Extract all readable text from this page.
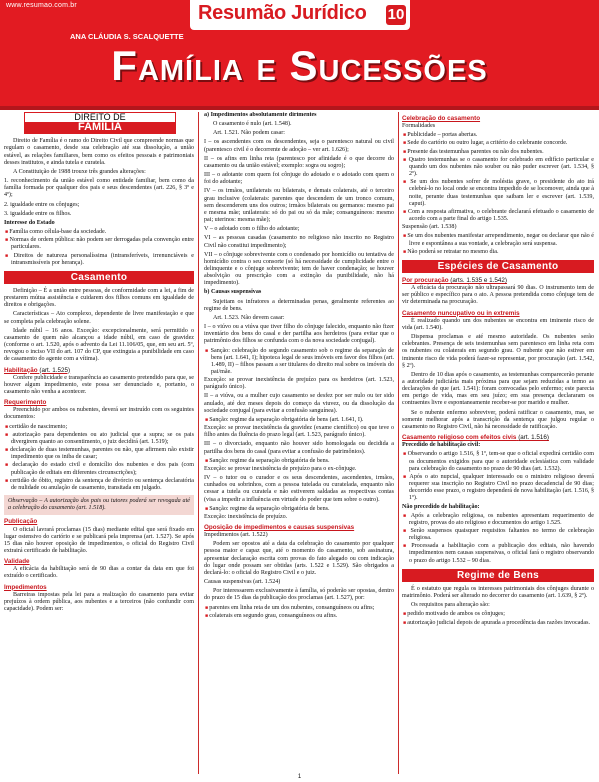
www.resumao.com.br	Resumão Jurídico 10
ANA CLÁUDIA S. SCALQUETTE
Família e Sucessões
DIREITO DE
FAMÍLIA

Direito de Família é o ramo do Direito Civil que compreende normas que regulam o casamento, desde sua celebração até sua dissolução, a união estável, as relações familiares, bem como os efeitos pessoais e patrimoniais desses institutos, e ainda tutela e curatela.

A Constituição de 1988 trouxe três grandes alterações:

1. reconhecimento da união estável como entidade familiar, bem como da família formada por qualquer dos pais e seus descendentes (art. 226, § 3º e 4º);

2. igualdade entre os cônjuges;

3. igualdade entre os filhos.

Interesse do Estado

■ Família como célula-base da sociedade.
■ Normas de ordem pública: não podem ser derrogadas pela convenção entre particulares.
■ Direitos de natureza personalíssima (intransferíveis, irrenunciáveis e intransmissíveis por herança).
Casamento

Definição – É a união entre pessoas, de conformidade com a lei, a fim de prestarem mútua assistência e cuidarem dos filhos comuns em igualdade de direitos e obrigações.

Características – Ato complexo, dependente de livre manifestação e que se completa pela celebração solene.

Idade núbil – 16 anos. Exceção: excepcionalmente, será permitido o casamento de quem não alcançou a idade núbil, em caso de gravidez (conforme o art. 1.520, após o advento da Lei 11.106/05, que, em seu art. 5º, revogou o inciso VII do art. 107 do CP, que extinguia a punibilidade em caso de casamento do agente com a vítima).

Habilitação (art. 1.525)

Confere publicidade e transparência ao casamento pretendido para que, se houver algum impedimento, este possa ser denunciado e, portanto, o casamento não venha a acontecer.

Requerimento

Preenchido por ambos os nubentes, deverá ser instruído com os seguintes documentos:

■ certidão de nascimento;
■ autorização para dependentes ou ato judicial que a supra; se os pais divergirem quanto ao consentimento, o juiz decidirá (art. 1.519);
■ declaração de duas testemunhas, parentes ou não, que afirmem não existir impedimento que os iniba de casar;
■ declaração do estado civil e domicílio dos nubentes e dos pais (com publicação de editais em diferentes circunscrições);
■ certidão de óbito, registro da sentença de divórcio ou sentença declaratória de nulidade ou anulação de casamento, transitada em julgado.
Observação – A autorização dos pais ou tutores poderá ser revogada até a celebração do casamento (art. 1.518).
Publicação

O oficial lavrará proclamas (15 dias) mediante edital que será fixado em lugar ostensivo do cartório e se publicará pela imprensa (art. 1.527). Se após 15 dias não houver oposição de impedimentos, o oficial do Registro Civil extrairá certificado de habilitação.

Validade

A eficácia da habilitação será de 90 dias a contar da data em que foi extraído o certificado.

Impedimentos

Barreiras impostas pela lei para a realização do casamento para evitar prejuízos à ordem pública, aos nubentes e a terceiros (não confundir com capacidade). Podem ser:

a) Impedimentos absolutamente dirimentes

O casamento é nulo (art. 1.548).

Art. 1.521. Não podem casar:

I – os ascendentes com os descendentes, seja o parentesco natural ou civil (parentesco civil é o decorrente de adoção – ver art. 1.626);

II – os afins em linha reta (parentesco por afinidade é o que decorre do casamento ou da união estável; exemplo: sogra ou sogro);

III – o adotante com quem foi cônjuge do adotado e o adotado com quem o foi do adotante;

IV – os irmãos, unilaterais ou bilaterais, e demais colaterais, até o terceiro grau inclusive (colaterais: parentes que descendem de um tronco comum, sem descenderem uns dos outros; irmãos bilaterais ou germanos: mesmo pai e mesma mãe; unilaterais: só do pai ou só da mãe; consanguíneos: mesmo pai; uterinos: mesma mãe);

V – o adotado com o filho do adotante;

VI – as pessoas casadas (casamento no religioso não inscrito no Registro Civil não constitui impedimento);

VII – o cônjuge sobrevivente com o condenado por homicídio ou tentativa de homicídio contra o seu consorte (só há necessidade de cumplicidade entre o delinquente e o cônjuge sobrevivente; tem de haver condenação; se houver absolvição ou prescrição com a extinção da punibilidade, não há impedimento).

b) Causas suspensivas

Sujeitam os infratores a determinadas penas, geralmente referentes ao regime de bens.

Art. 1.523. Não devem casar:

I – o viúvo ou a viúva que tiver filho do cônjuge falecido, enquanto não fizer inventário dos bens do casal e der partilha aos herdeiros (para evitar que o patrimônio dos filhos se confunda com o da nova sociedade conjugal).

■ Sanção: celebração do segundo casamento sob o regime da separação de bens (art. 1.641, I); hipoteca legal de seus imóveis em favor dos filhos (art. 1.489, II) – filhos passam a ser titulares do direito real sobre os imóveis do pai/mãe.

Exceção: se provar inexistência de prejuízo para os herdeiros (art. 1.523, parágrafo único).

II – a viúva, ou a mulher cujo casamento se desfez por ser nulo ou ter sido anulado, até dez meses depois do começo da viuvez, ou da dissolução da sociedade conjugal (para evitar a confusão sanguínea).

■ Sanção: regime da separação obrigatória de bens (art. 1.641, I).

Exceção: se provar inexistência da gravidez (exame científico) ou que teve o filho antes da fluência do prazo legal (art. 1.523, parágrafo único).

III – o divorciado, enquanto não houver sido homologada ou decidida a partilha dos bens do casal (para evitar a confusão de patrimônios).

■ Sanção: regime da separação obrigatória de bens.

Exceção: se provar inexistência de prejuízo para o ex-cônjuge.

IV – o tutor ou o curador e os seus descendentes, ascendentes, irmãos, cunhados ou sobrinhos, com a pessoa tutelada ou curatelada, enquanto não cessar a tutela ou curatela e não estiverem saldadas as respectivas contas (visa a impedir a influência em virtude do poder que tem sobre o outro).

■ Sanção: regime da separação obrigatória de bens.

Exceção: inexistência de prejuízo.

Oposição de impedimentos e causas suspensivas

Impedimentos (art. 1.522)

Podem ser opostos até a data da celebração do casamento por qualquer pessoa maior e capaz que, até o momento do casamento, sob assinatura, apresentar declaração escrita com provas do fato alegado ou com indicação do lugar onde possam ser obtidas (arts. 1.522 e 1.529). São obrigados a declará-lo: o oficial do Registro Civil e o juiz.

Causas suspensivas (art. 1.524)

Por interessarem exclusivamente à família, só poderão ser opostas, dentro do prazo de 15 dias da publicação dos proclamas (art. 1.527), por:

■ parentes em linha reta de um dos nubentes, consanguíneos ou afins;
■ colaterais em segundo grau, consanguíneos ou afins.
Celebração do casamento

Formalidades

■ Publicidade – portas abertas.
■ Sede do cartório ou outro lugar, a critério do celebrante concorde.
■ Presente das testemunhas parentes ou não dos nubentes.
■ Quatro testemunhas se o casamento for celebrado em edifício particular e quando um dos nubentes não souber ou não puder escrever (art. 1.534, § 2º).
■ Se um dos nubentes sofrer de moléstia grave, o presidente do ato irá celebrá-lo no local onde se encontra impedido de se locomover, ainda que à noite, perante duas testemunhas que saibam ler e escrever (art. 1.539, caput).
■ Com a resposta afirmativa, o celebrante declarará efetuado o casamento de acordo com a parte final do artigo 1.535.

Suspensão (art. 1.538)

■ Se um dos nubentes manifestar arrependimento, negar ou declarar que não é livre e espontânea a sua vontade, a celebração será suspensa.
■ Não poderá se retratar no mesmo dia.
Espécies de Casamento
Por procuração (arts. 1.535 e 1.542)

A eficácia da procuração não ultrapassará 90 dias. O instrumento tem de ser público e específico para o ato. A pessoa pretendida como cônjuge tem de vir determinada na procuração.

Casamento nuncupativo ou in extremis

É realizado quando um dos nubentes se encontra em iminente risco de vida (art. 1.540).

Dispensa proclamas e até mesmo autoridade. Os nubentes serão celebrantes. Presença de seis testemunhas sem parentesco em linha reta com os nubentes ou colaterais em segundo grau. O nubente que não estiver em iminente risco de vida poderá fazer-se representar, por procuração (art. 1.542, § 2º).

Dentro de 10 dias após o casamento, as testemunhas comparecerão perante a autoridade judiciária mais próxima para que sejam reduzidas a termo as declarações de que (art. 1.541): foram convocadas pelo enfermo; este parecia em perigo de vida, mas em seu juízo; em sua presença declararam os contraentes livre e espontaneamente receber-se por marido e mulher.

Se o nubente enfermo sobreviver, poderá ratificar o casamento, mas, se somente melhorar após a transcrição da sentença que julgou regular o casamento no Registro Civil, não há necessidade de ratificação.

Casamento religioso com efeitos civis (art. 1.516)

Precedido de habilitação civil:

■ Observando o artigo 1.516, § 1º, tem-se que o oficial expedirá certidão com os documentos exigidos para que o autoridade eclesiástica com validade para celebração do casamento no prazo de 90 dias (art. 1.532).
■ Após o ato nupcial, qualquer interessado ou o ministro religioso deverá requerer sua inscrição no Registro Civil no prazo decadencial de 90 dias; decorrido esse prazo, o registro dependerá de nova habilitação (art. 1.516, § 1º).

Não precedido de habilitação:

■ Após a celebração religiosa, os nubentes apresentam requerimento de registro, provas do ato religioso e documentos do artigo 1.525.
■ Serão suspensos quaisquer requisitos faltantes no termo de celebração religiosa.
■ Processada a habilitação com a publicação dos editais, não havendo impedimentos nem causas suspensivas, o oficial fará o registro observando o prazo do artigo 1.532 – 90 dias.
Regime de Bens

É o estatuto que regula os interesses patrimoniais dos cônjuges durante o matrimônio. Poderá ser alterado no decorrer do casamento (art. 1.639, § 2º).

Os requisitos para alteração são:

■ pedido motivado de ambos os cônjuges;
■ autorização judicial depois de apurada a procedência das razões invocadas.
1
